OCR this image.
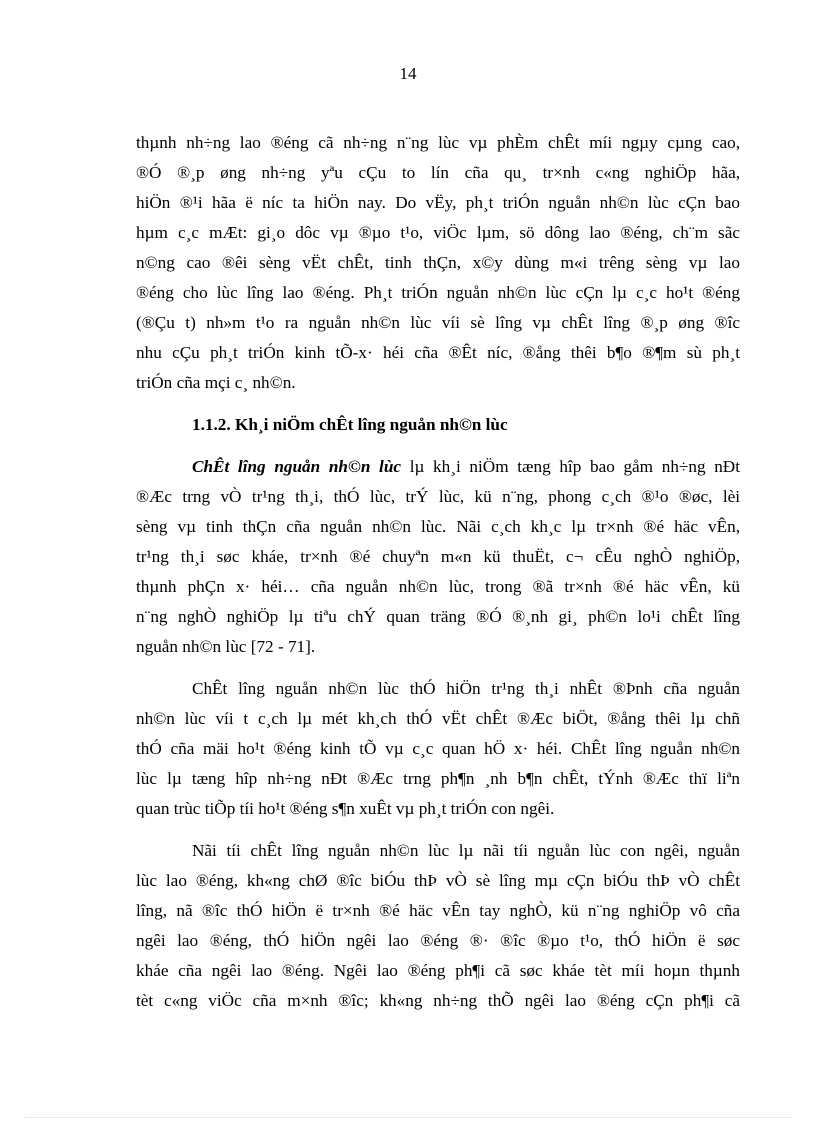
14
thµnh nh÷ng lao ®éng cã nh÷ng n¨ng lùc vµ phÈm chÊt míi ngµy cµng cao,
®Ó ®¸p øng nh÷ng yªu cÇu to lín cña qu¸ tr×nh c«ng nghiÖp hãa,
hiÖn ®¹i hãa ë níc ta hiÖn nay. Do vËy, ph¸t triÓn nguån nh©n lùc cÇn bao
hµm c¸c mÆt: gi¸o dôc vµ ®µo t¹o, viÖc lµm, sö dông lao ®éng, ch¨m sãc
n©ng cao ®êi sèng vËt chÊt, tinh thÇn, x©y dùng m«i trêng sèng vµ lao
®éng cho lùc lîng lao ®éng. Ph¸t triÓn nguån nh©n lùc cÇn lµ c¸c ho¹t ®éng
(®Çu t) nh»m t¹o ra nguån nh©n lùc víi sè lîng vµ chÊt lîng ®¸p øng ®îc
nhu cÇu ph¸t triÓn kinh tÕ-x· héi cña ®Êt níc, ®ång thêi b¶o ®¶m sù ph¸t
triÓn cña mçi c¸ nh©n.
1.1.2. Kh¸i niÖm chÊt lîng nguån nh©n lùc
ChÊt lîng nguån nh©n lùc lµ kh¸i niÖm tæng hîp bao gåm nh÷ng nÐt
®Æc trng vÒ tr¹ng th¸i, thÓ lùc, trÝ lùc, kü n¨ng, phong c¸ch ®¹o ®øc, lèi
sèng vµ tinh thÇn cña nguån nh©n lùc. Nãi c¸ch kh¸c lµ tr×nh ®é häc vÊn,
tr¹ng th¸i søc kháe, tr×nh ®é chuyªn m«n kü thuËt, c¬ cÊu nghÒ nghiÖp,
thµnh phÇn x· héi… cña nguån nh©n lùc, trong ®ã tr×nh ®é häc vÊn, kü
n¨ng nghÒ nghiÖp lµ tiªu chÝ quan träng ®Ó ®¸nh gi¸ ph©n lo¹i chÊt lîng
nguån nh©n lùc [72 - 71].
ChÊt lîng nguån nh©n lùc thÓ hiÖn tr¹ng th¸i nhÊt ®Þnh cña nguån
nh©n lùc víi t c¸ch lµ mét kh¸ch thÓ vËt chÊt ®Æc biÖt, ®ång thêi lµ chñ
thÓ cña mäi ho¹t ®éng kinh tÕ vµ c¸c quan hÖ x· héi. ChÊt lîng nguån nh©n
lùc lµ tæng hîp nh÷ng nÐt ®Æc trng ph¶n ¸nh b¶n chÊt, tÝnh ®Æc thï liªn
quan trùc tiÕp tíi ho¹t ®éng s¶n xuÊt vµ ph¸t triÓn con ngêi.
Nãi tíi chÊt lîng nguån nh©n lùc lµ nãi tíi nguån lùc con ngêi, nguån
lùc lao ®éng, kh«ng chØ ®îc biÓu thÞ vÒ sè lîng mµ cÇn biÓu thÞ vÒ chÊt
lîng, nã ®îc thÓ hiÖn ë tr×nh ®é häc vÊn tay nghÒ, kü n¨ng nghiÖp vô cña
ngêi lao ®éng, thÓ hiÖn ngêi lao ®éng ®· ®îc ®µo t¹o, thÓ hiÖn ë søc
kháe cña ngêi lao ®éng. Ngêi lao ®éng ph¶i cã søc kháe tèt míi hoµn thµnh
tèt c«ng viÖc cña m×nh ®îc; kh«ng nh÷ng thÕ ngêi lao ®éng cÇn ph¶i cã
